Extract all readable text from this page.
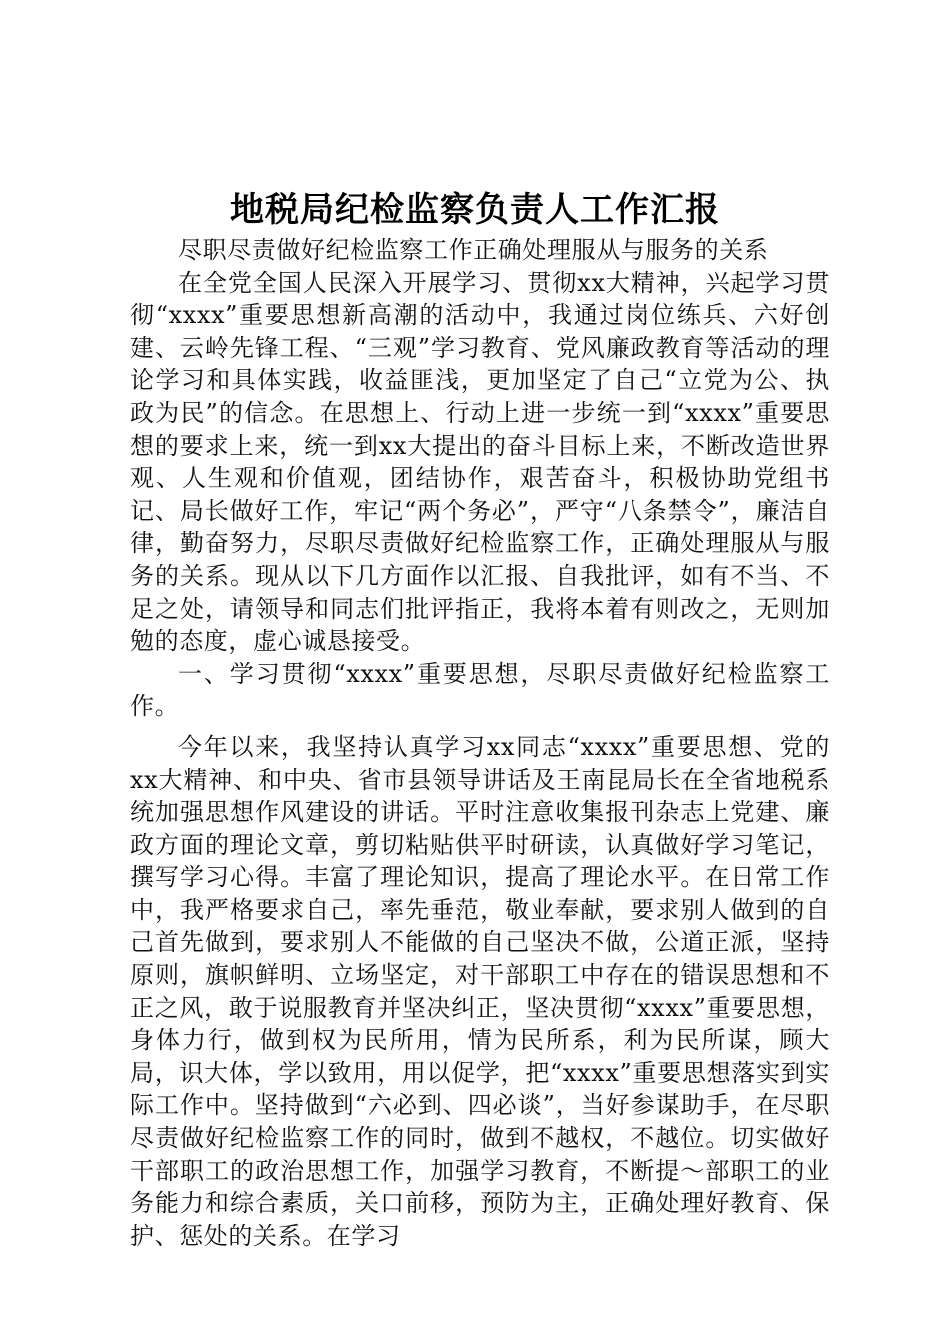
地税局纪检监察负责人工作汇报

尽职尽责做好纪检监察工作正确处理服从与服务的关系

在全党全国人民深入开展学习、贯彻xx大精神，兴起学习贯彻“xxxx”重要思想新高潮的活动中，我通过岗位练兵、六好创建、云岭先锋工程、“三观”学习教育、党风廉政教育等活动的理论学习和具体实践，收益匪浅，更加坚定了自己“立党为公、执政为民”的信念。在思想上、行动上进一步统一到“xxxx”重要思想的要求上来，统一到xx大提出的奋斗目标上来，不断改造世界观、人生观和价值观，团结协作，艰苦奋斗，积极协助党组书记、局长做好工作，牢记“两个务必”，严守“八条禁令”，廉洁自律，勤奋努力，尽职尽责做好纪检监察工作，正确处理服从与服务的关系。现从以下几方面作以汇报、自我批评，如有不当、不足之处，请领导和同志们批评指正，我将本着有则改之，无则加勉的态度，虚心诚恳接受。

一、学习贯彻“xxxx”重要思想，尽职尽责做好纪检监察工作。

今年以来，我坚持认真学习xx同志“xxxx”重要思想、党的xx大精神、和中央、省市县领导讲话及王南昆局长在全省地税系统加强思想作风建设的讲话。平时注意收集报刊杂志上党建、廉政方面的理论文章，剪切粘贴供平时研读，认真做好学习笔记，撰写学习心得。丰富了理论知识，提高了理论水平。在日常工作中，我严格要求自己，率先垂范，敬业奉献，要求别人做到的自己首先做到，要求别人不能做的自己坚决不做，公道正派，坚持原则，旗帜鲜明、立场坚定，对干部职工中存在的错误思想和不正之风，敢于说服教育并坚决纠正，坚决贯彻“xxxx”重要思想，身体力行，做到权为民所用，情为民所系，利为民所谋，顾大局，识大体，学以致用，用以促学，把“xxxx”重要思想落实到实际工作中。坚持做到“六必到、四必谈”，当好参谋助手，在尽职尽责做好纪检监察工作的同时，做到不越权，不越位。切实做好干部职工的政治思想工作，加强学习教育，不断提～部职工的业务能力和综合素质，关口前移，预防为主，正确处理好教育、保护、惩处的关系。在学习
